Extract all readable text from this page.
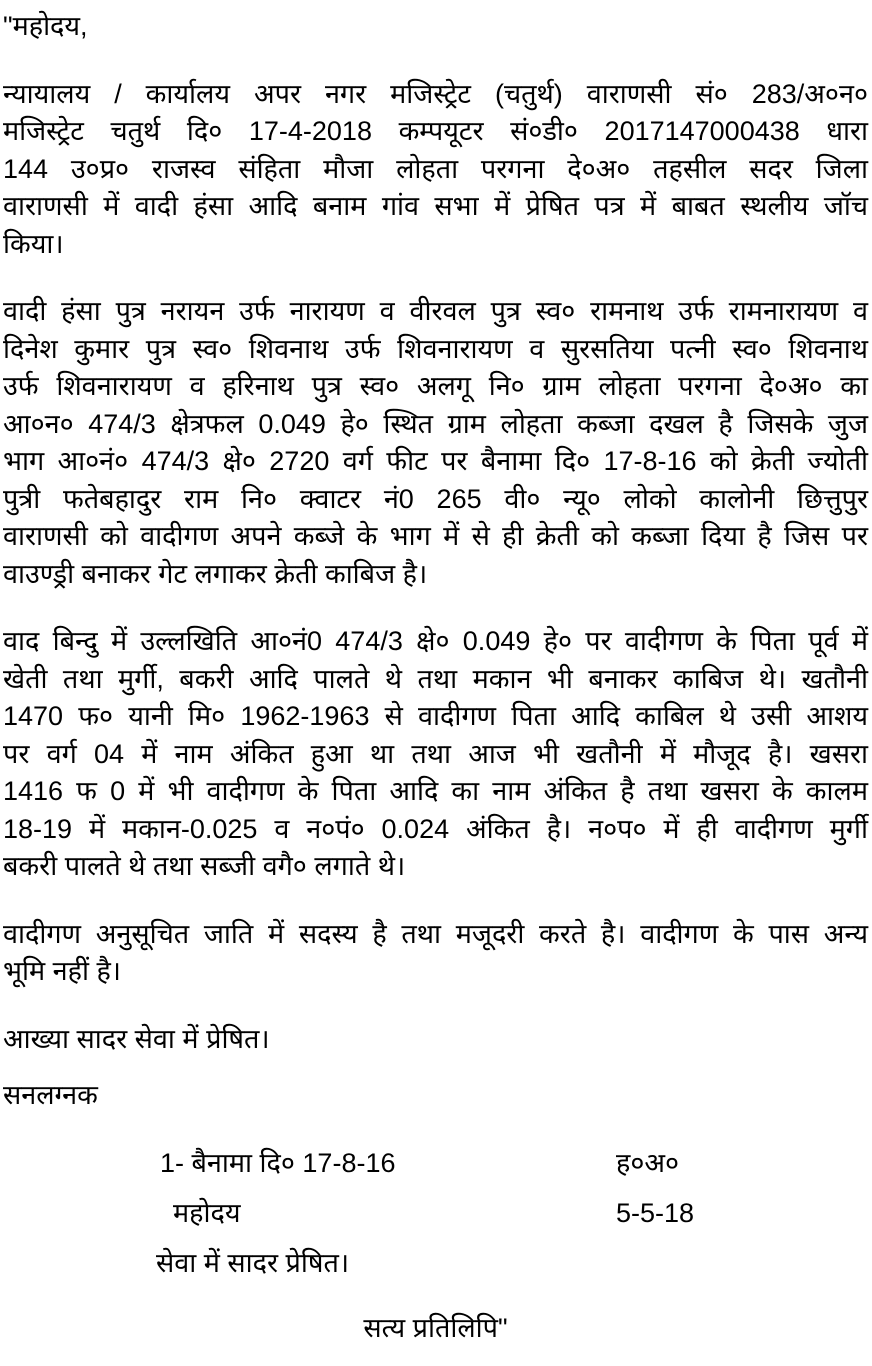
"महोदय,
न्यायालय / कार्यालय अपर नगर मजिस्ट्रेट (चतुर्थ) वाराणसी सं० 283/अ०न०
मजिस्ट्रेट चतुर्थ दि० 17-4-2018 कम्पयूटर सं०डी० 2017147000438 धारा
144 उ०प्र० राजस्व संहिता मौजा लोहता परगना दे०अ० तहसील सदर जिला
वाराणसी में वादी हंसा आदि बनाम गांव सभा में प्रेषित पत्र में बाबत स्थलीय जॉच
किया।
वादी हंसा पुत्र नरायन उर्फ नारायण व वीरवल पुत्र स्व० रामनाथ उर्फ रामनारायण व
दिनेश कुमार पुत्र स्व० शिवनाथ उर्फ शिवनारायण व सुरसतिया पत्नी स्व० शिवनाथ
उर्फ शिवनारायण व हरिनाथ पुत्र स्व० अलगू नि० ग्राम लोहता परगना दे०अ० का
आ०न० 474/3 क्षेत्रफल 0.049 हे० स्थित ग्राम लोहता कब्जा दखल है जिसके जुज
भाग आ०नं० 474/3 क्षे० 2720 वर्ग फीट पर बैनामा दि० 17-8-16 को क्रेती ज्योती
पुत्री फतेबहादुर राम नि० क्वाटर नं0 265 वी० न्यू० लोको कालोनी छित्तुपुर
वाराणसी को वादीगण अपने कब्जे के भाग में से ही क्रेती को कब्जा दिया है जिस पर
वाउण्ड्री बनाकर गेट लगाकर क्रेती काबिज है।
वाद बिन्दु में उल्लखिति आ०नं0 474/3 क्षे० 0.049 हे० पर वादीगण के पिता पूर्व में
खेती तथा मुर्गी, बकरी आदि पालते थे तथा मकान भी बनाकर काबिज थे। खतौनी
1470 फ० यानी मि० 1962-1963 से वादीगण पिता आदि काबिल थे उसी आशय
पर वर्ग 04 में नाम अंकित हुआ था तथा आज भी खतौनी में मौजूद है। खसरा
1416 फ 0 में भी वादीगण के पिता आदि का नाम अंकित है तथा खसरा के कालम
18-19 में मकान-0.025 व न०पं० 0.024 अंकित है। न०प० में ही वादीगण मुर्गी
बकरी पालते थे तथा सब्जी वगै० लगाते थे।
वादीगण अनुसूचित जाति में सदस्य है तथा मजूदरी करते है। वादीगण के पास अन्य
भूमि नहीं है।
आख्या सादर सेवा में प्रेषित।
सनलग्नक
1- बैनामा दि० 17-8-16	ह०अ०
महोदय	5-5-18
सेवा में सादर प्रेषित।
सत्य प्रतिलिपि"
